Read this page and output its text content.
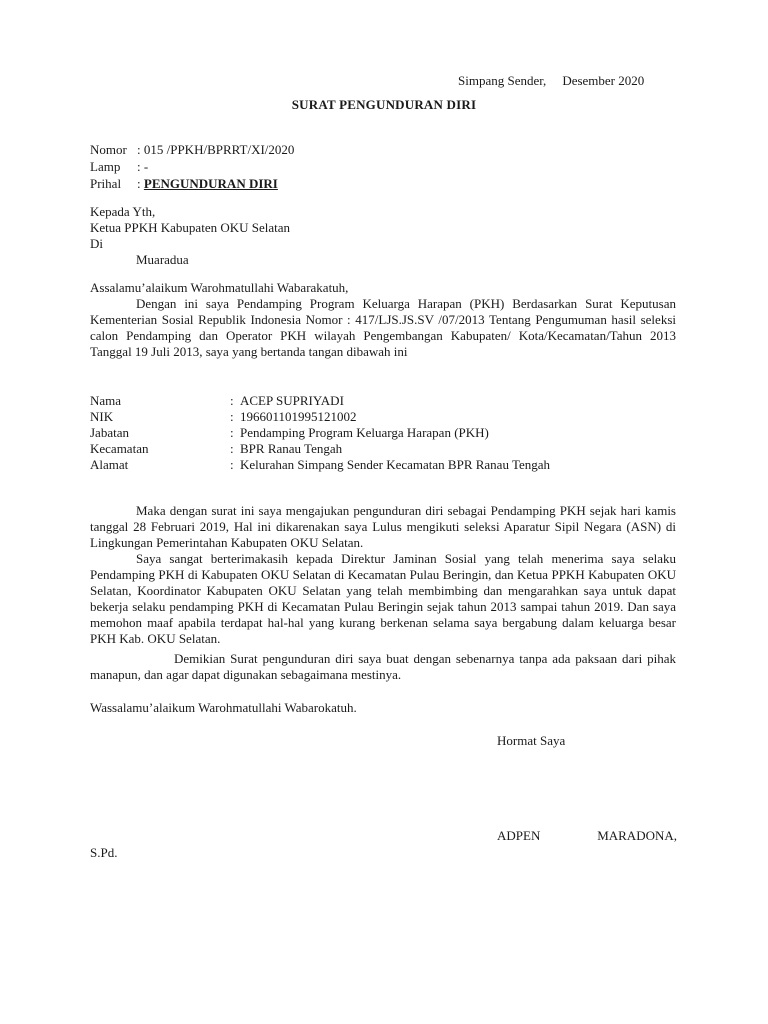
Simpang Sender, Desember 2020
SURAT PENGUNDURAN DIRI
Nomor : 015 /PPKH/BPRRT/XI/2020
Lamp : -
Prihal : PENGUNDURAN DIRI
Kepada Yth,
Ketua PPKH Kabupaten OKU Selatan
Di
Muaradua
Assalamu’alaikum Warohmatullahi Wabarakatuh,
Dengan ini saya Pendamping Program Keluarga Harapan (PKH) Berdasarkan Surat Keputusan Kementerian Sosial Republik Indonesia Nomor : 417/LJS.JS.SV /07/2013 Tentang Pengumuman hasil seleksi calon Pendamping dan Operator PKH wilayah Pengembangan Kabupaten/ Kota/Kecamatan/Tahun 2013 Tanggal 19 Juli 2013, saya yang bertanda tangan dibawah ini
Nama	: ACEP SUPRIYADI
NIK	: 196601101995121002
Jabatan	: Pendamping Program Keluarga Harapan (PKH)
Kecamatan	: BPR Ranau Tengah
Alamat	: Kelurahan Simpang Sender Kecamatan BPR Ranau Tengah
Maka dengan surat ini saya mengajukan pengunduran diri sebagai Pendamping PKH sejak hari kamis tanggal 28 Februari 2019, Hal ini dikarenakan saya Lulus mengikuti seleksi Aparatur Sipil Negara (ASN) di Lingkungan Pemerintahan Kabupaten OKU Selatan.
Saya sangat berterimakasih kepada Direktur Jaminan Sosial yang telah menerima saya selaku Pendamping PKH di Kabupaten OKU Selatan di Kecamatan Pulau Beringin, dan Ketua PPKH Kabupaten OKU Selatan, Koordinator Kabupaten OKU Selatan yang telah membimbing dan mengarahkan saya untuk dapat bekerja selaku pendamping PKH di Kecamatan Pulau Beringin sejak tahun 2013 sampai tahun 2019. Dan saya memohon maaf apabila terdapat hal-hal yang kurang berkenan selama saya bergabung dalam keluarga besar PKH Kab. OKU Selatan.
Demikian Surat pengunduran diri saya buat dengan sebenarnya tanpa ada paksaan dari pihak manapun, dan agar dapat digunakan sebagaimana mestinya.
Wassalamu’alaikum Warohmatullahi Wabarokatuh.
Hormat Saya
ADPEN	MARADONA,
S.Pd.
